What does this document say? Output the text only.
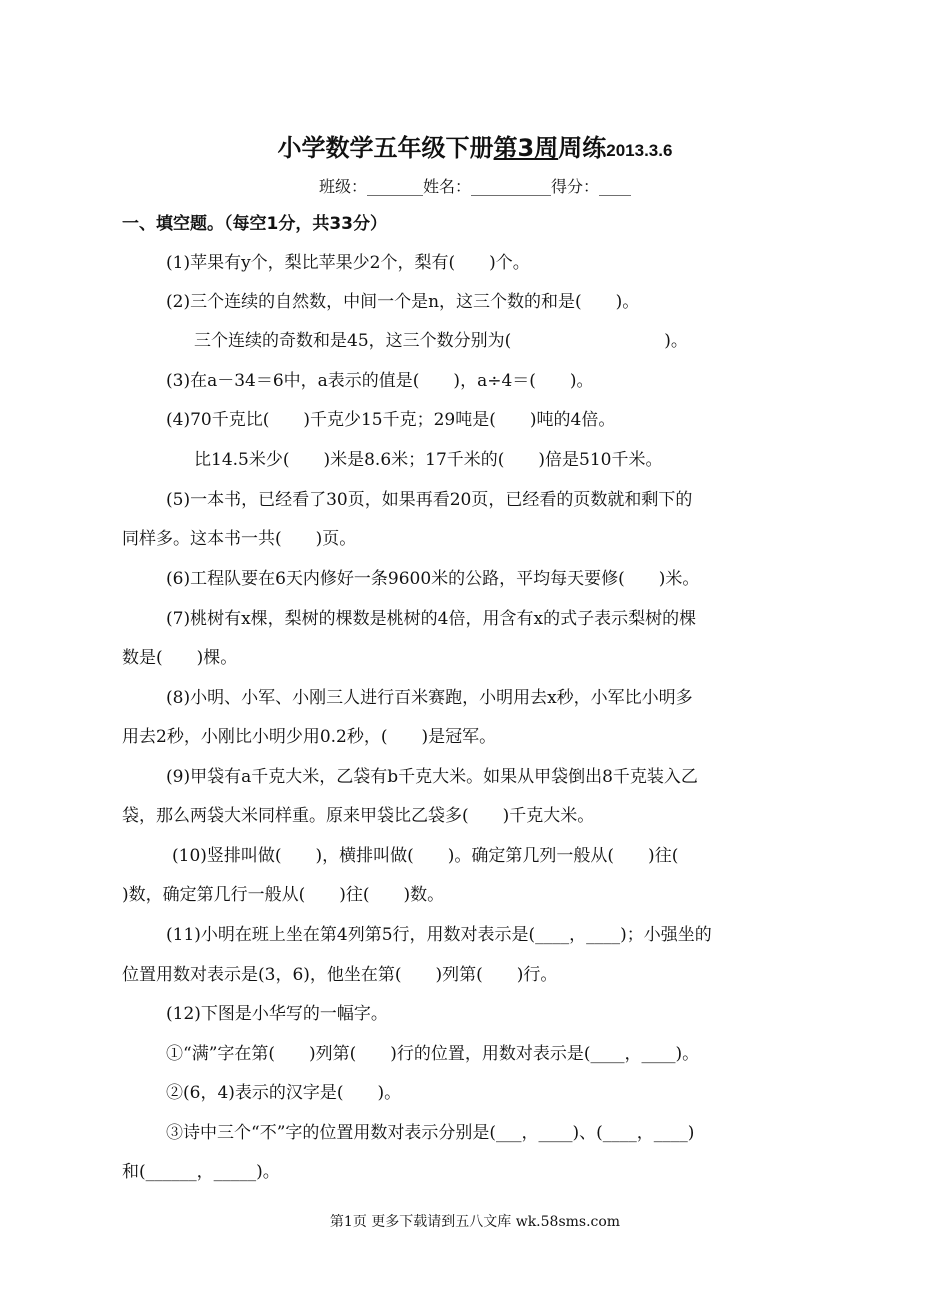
小学数学五年级下册第3周周练2013.3.6
班级：_______姓名：__________得分：____
一、填空题。（每空1分，共33分）
(1)苹果有y个，梨比苹果少2个，梨有(　　)个。
(2)三个连续的自然数，中间一个是n，这三个数的和是(　　)。
三个连续的奇数和是45，这三个数分别为(　　　　　　　　　)。
(3)在a－34＝6中，a表示的值是(　　)，a÷4＝(　　)。
(4)70千克比(　　)千克少15千克；29吨是(　　)吨的4倍。
比14.5米少(　　)米是8.6米；17千米的(　　)倍是510千米。
(5)一本书，已经看了30页，如果再看20页，已经看的页数就和剩下的
同样多。这本书一共(　　)页。
(6)工程队要在6天内修好一条9600米的公路，平均每天要修(　　)米。
(7)桃树有x棵，梨树的棵数是桃树的4倍，用含有x的式子表示梨树的棵
数是(　　)棵。
(8)小明、小军、小刚三人进行百米赛跑，小明用去x秒，小军比小明多
用去2秒，小刚比小明少用0.2秒，(　　)是冠军。
(9)甲袋有a千克大米，乙袋有b千克大米。如果从甲袋倒出8千克装入乙
袋，那么两袋大米同样重。原来甲袋比乙袋多(　　)千克大米。
(10)竖排叫做(　　)，横排叫做(　　)。确定第几列一般从(　　)往(
)数，确定第几行一般从(　　)往(　　)数。
(11)小明在班上坐在第4列第5行，用数对表示是(____，____)；小强坐的
位置用数对表示是(3，6)，他坐在第(　　)列第(　　)行。
(12)下图是小华写的一幅字。
①“满”字在第(　　)列第(　　)行的位置，用数对表示是(____，____)。
②(6，4)表示的汉字是(　　)。
③诗中三个“不”字的位置用数对表示分别是(___，____)、(____，____)
和(______，_____)。
第1页 更多下载请到五八文库 wk.58sms.com
